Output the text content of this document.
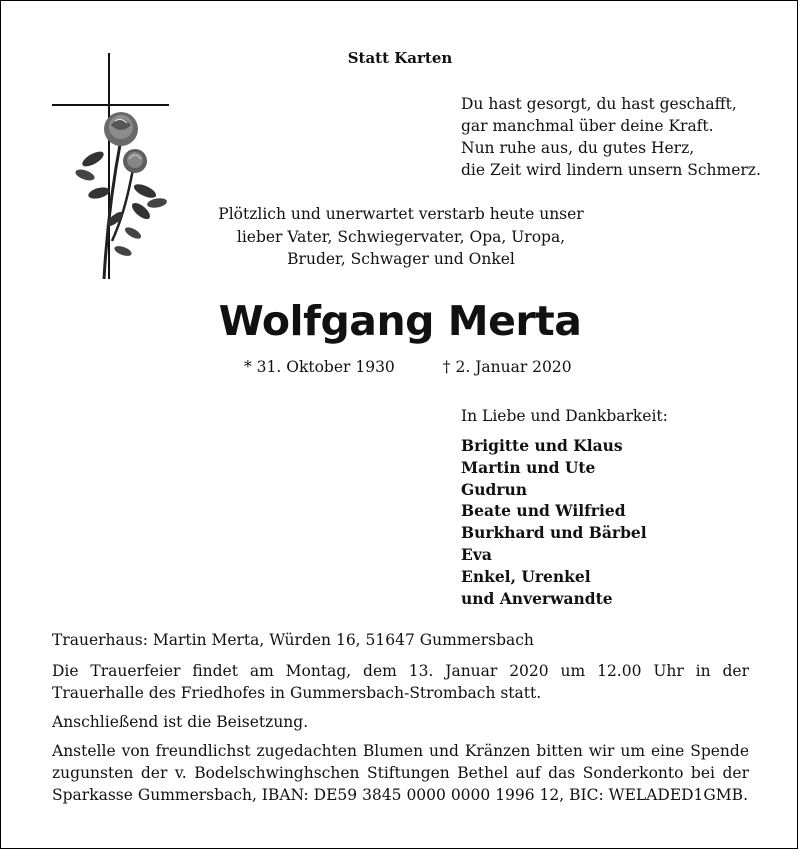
Statt Karten
Du hast gesorgt, du hast geschafft,
gar manchmal über deine Kraft.
Nun ruhe aus, du gutes Herz,
die Zeit wird lindern unsern Schmerz.
Plötzlich und unerwartet verstarb heute unser
lieber Vater, Schwiegervater, Opa, Uropa,
Bruder, Schwager und Onkel
Wolfgang Merta
* 31. Oktober 1930	† 2. Januar 2020
In Liebe und Dankbarkeit:
Brigitte und Klaus
Martin und Ute
Gudrun
Beate und Wilfried
Burkhard und Bärbel
Eva
Enkel, Urenkel
und Anverwandte

Trauerhaus: Martin Merta, Würden 16, 51647 Gummersbach

Die Trauerfeier findet am Montag, dem 13. Januar 2020 um 12.00 Uhr in der Trauerhalle des Friedhofes in Gummersbach-Strombach statt.

Anschließend ist die Beisetzung.

Anstelle von freundlichst zugedachten Blumen und Kränzen bitten wir um eine Spende zugunsten der v. Bodelschwinghschen Stiftungen Bethel auf das Sonderkonto bei der Sparkasse Gummersbach, IBAN: DE59 3845 0000 0000 1996 12, BIC: WELADED1GMB.
